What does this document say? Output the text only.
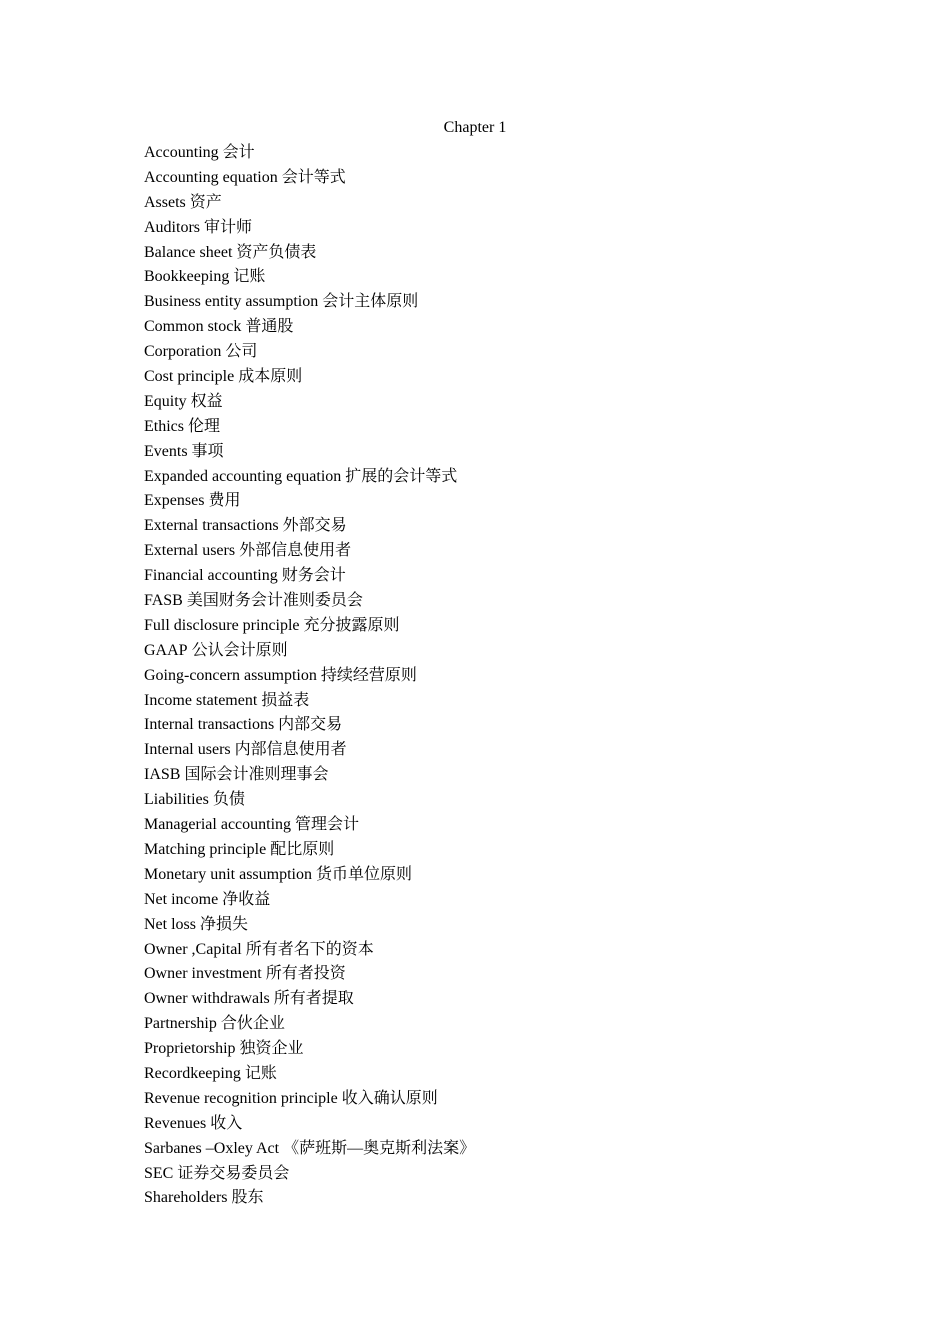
Chapter 1
Accounting 会计
Accounting equation 会计等式
Assets 资产
Auditors 审计师
Balance sheet 资产负债表
Bookkeeping 记账
Business entity assumption 会计主体原则
Common stock 普通股
Corporation 公司
Cost principle 成本原则
Equity 权益
Ethics 伦理
Events 事项
Expanded accounting equation 扩展的会计等式
Expenses 费用
External transactions 外部交易
External users 外部信息使用者
Financial accounting 财务会计
FASB 美国财务会计准则委员会
Full disclosure principle 充分披露原则
GAAP 公认会计原则
Going-concern assumption 持续经营原则
Income statement 损益表
Internal transactions 内部交易
Internal users 内部信息使用者
IASB 国际会计准则理事会
Liabilities 负债
Managerial accounting 管理会计
Matching principle 配比原则
Monetary unit assumption 货币单位原则
Net income 净收益
Net loss 净损失
Owner ,Capital 所有者名下的资本
Owner investment 所有者投资
Owner withdrawals 所有者提取
Partnership 合伙企业
Proprietorship 独资企业
Recordkeeping 记账
Revenue recognition principle 收入确认原则
Revenues 收入
Sarbanes –Oxley Act 《萨班斯—奥克斯利法案》
SEC 证券交易委员会
Shareholders 股东
